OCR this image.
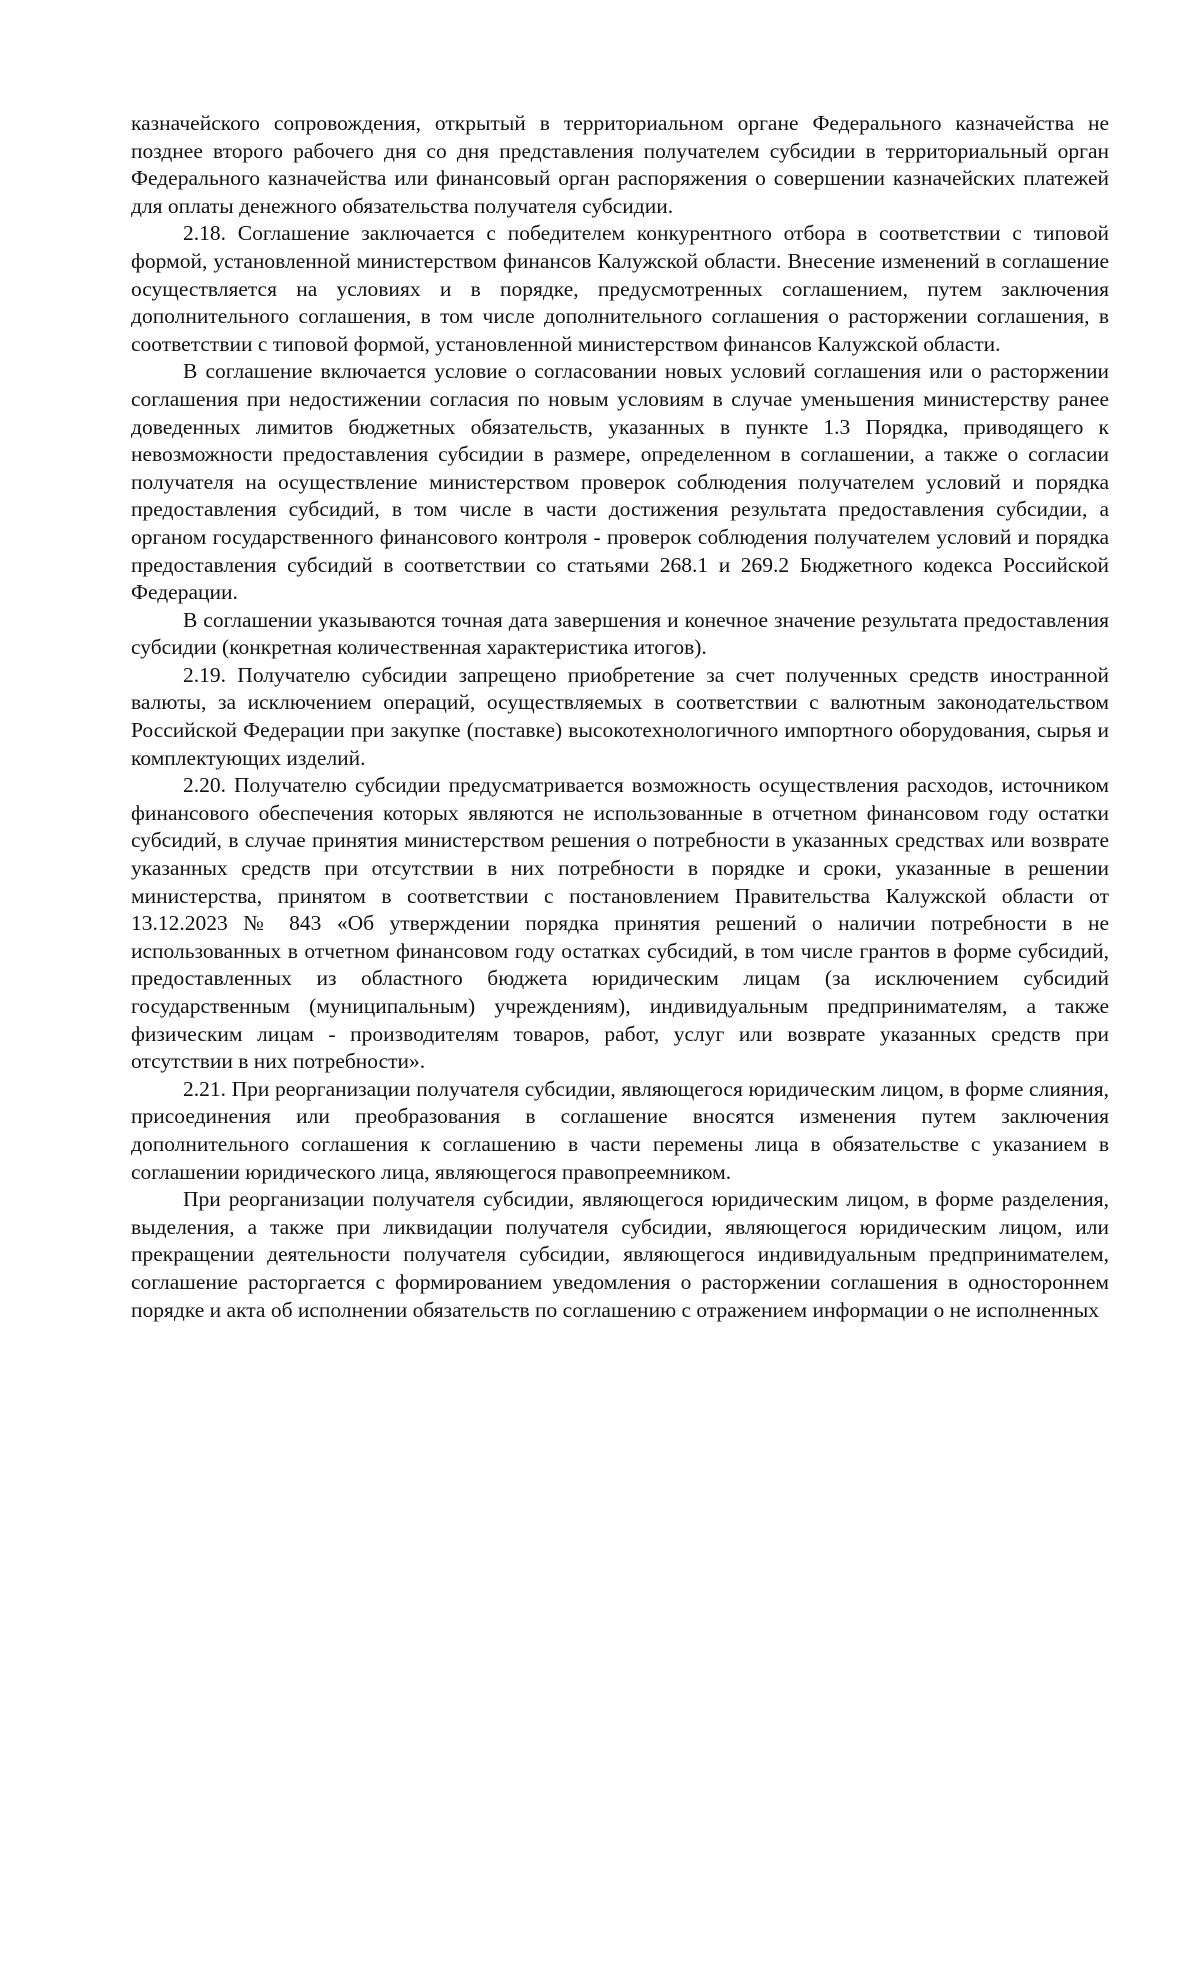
казначейского сопровождения, открытый в территориальном органе Федерального казначейства не позднее второго рабочего дня со дня представления получателем субсидии в территориальный орган Федерального казначейства или финансовый орган распоряжения о совершении казначейских платежей для оплаты денежного обязательства получателя субсидии.

2.18. Соглашение заключается с победителем конкурентного отбора в соответствии с типовой формой, установленной министерством финансов Калужской области. Внесение изменений в соглашение осуществляется на условиях и в порядке, предусмотренных соглашением, путем заключения дополнительного соглашения, в том числе дополнительного соглашения о расторжении соглашения, в соответствии с типовой формой, установленной министерством финансов Калужской области.

В соглашение включается условие о согласовании новых условий соглашения или о расторжении соглашения при недостижении согласия по новым условиям в случае уменьшения министерству ранее доведенных лимитов бюджетных обязательств, указанных в пункте 1.3 Порядка, приводящего к невозможности предоставления субсидии в размере, определенном в соглашении, а также о согласии получателя на осуществление министерством проверок соблюдения получателем условий и порядка предоставления субсидий, в том числе в части достижения результата предоставления субсидии, а органом государственного финансового контроля - проверок соблюдения получателем условий и порядка предоставления субсидий в соответствии со статьями 268.1 и 269.2 Бюджетного кодекса Российской Федерации.

В соглашении указываются точная дата завершения и конечное значение результата предоставления субсидии (конкретная количественная характеристика итогов).

2.19. Получателю субсидии запрещено приобретение за счет полученных средств иностранной валюты, за исключением операций, осуществляемых в соответствии с валютным законодательством Российской Федерации при закупке (поставке) высокотехнологичного импортного оборудования, сырья и комплектующих изделий.

2.20. Получателю субсидии предусматривается возможность осуществления расходов, источником финансового обеспечения которых являются не использованные в отчетном финансовом году остатки субсидий, в случае принятия министерством решения о потребности в указанных средствах или возврате указанных средств при отсутствии в них потребности в порядке и сроки, указанные в решении министерства, принятом в соответствии с постановлением Правительства Калужской области от 13.12.2023 № 843 «Об утверждении порядка принятия решений о наличии потребности в не использованных в отчетном финансовом году остатках субсидий, в том числе грантов в форме субсидий, предоставленных из областного бюджета юридическим лицам (за исключением субсидий государственным (муниципальным) учреждениям), индивидуальным предпринимателям, а также физическим лицам - производителям товаров, работ, услуг или возврате указанных средств при отсутствии в них потребности».

2.21. При реорганизации получателя субсидии, являющегося юридическим лицом, в форме слияния, присоединения или преобразования в соглашение вносятся изменения путем заключения дополнительного соглашения к соглашению в части перемены лица в обязательстве с указанием в соглашении юридического лица, являющегося правопреемником.

При реорганизации получателя субсидии, являющегося юридическим лицом, в форме разделения, выделения, а также при ликвидации получателя субсидии, являющегося юридическим лицом, или прекращении деятельности получателя субсидии, являющегося индивидуальным предпринимателем, соглашение расторгается с формированием уведомления о расторжении соглашения в одностороннем порядке и акта об исполнении обязательств по соглашению с отражением информации о не исполненных
